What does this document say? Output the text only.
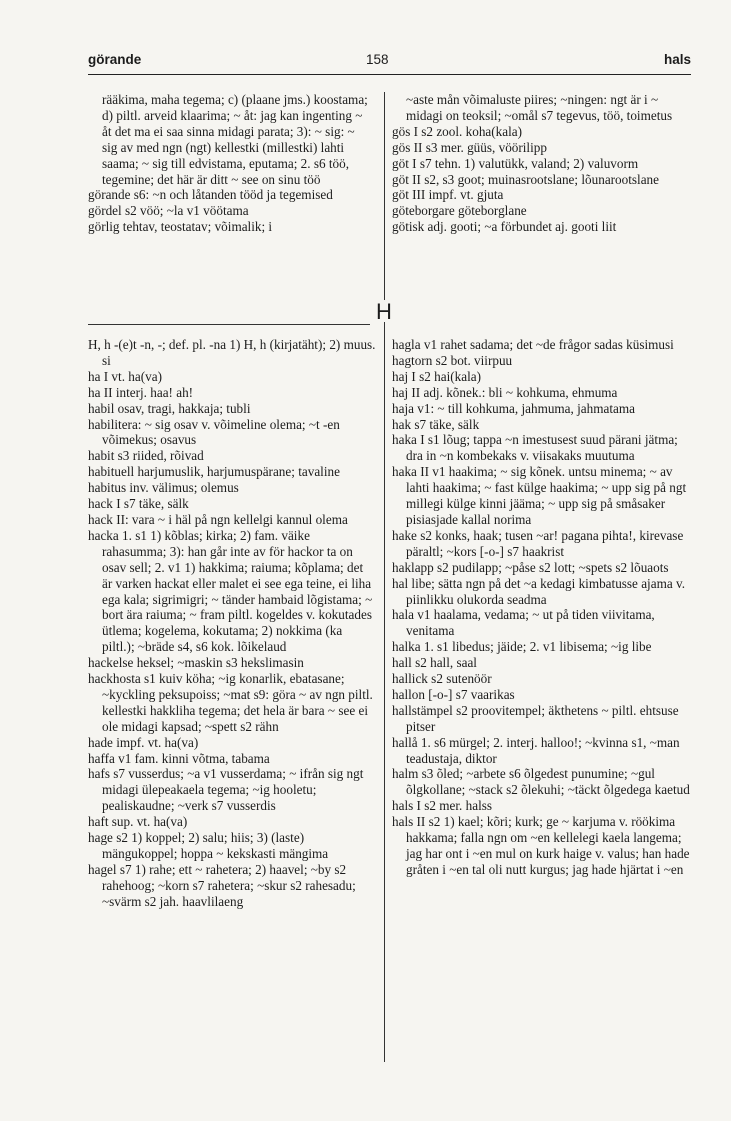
görande	158	hals

rääkima, maha tegema; c) (plaane jms.) koostama; d) piltl. arveid klaarima; ~ åt: jag kan ingenting ~ åt det ma ei saa sinna midagi parata; 3): ~ sig: ~ sig av med ngn (ngt) kellestki (millestki) lahti saama; ~ sig till edvistama, eputama; 2. s6 töö, tegemine; det här är ditt ~ see on sinu töö

görande s6: ~n och låtanden tööd ja tegemised

gördel s2 vöö; ~la v1 vöötama

görlig tehtav, teostatav; võimalik; i

~aste mån võimaluste piires; ~ningen: ngt är i ~ midagi on teoksil; ~omål s7 tegevus, töö, toimetus

gös I s2 zool. koha(kala)

gös II s3 mer. güüs, vöörilipp

göt I s7 tehn. 1) valutükk, valand; 2) valuvorm

göt II s2, s3 goot; muinasrootslane; lõunarootslane

göt III impf. vt. gjuta

göteborgare göteborglane

götisk adj. gooti; ~a förbundet aj. gooti liit

H

H, h -(e)t -n, -; def. pl. -na 1) H, h (kirjatäht); 2) muus. si

ha I vt. ha(va)

ha II interj. haa! ah!

habil osav, tragi, hakkaja; tubli

habilitera: ~ sig osav v. võimeline olema; ~t -en võimekus; osavus

habit s3 riided, rõivad

habituell harjumuslik, harjumuspärane; tavaline

habitus inv. välimus; olemus

hack I s7 täke, sälk

hack II: vara ~ i häl på ngn kellelgi kannul olema

hacka 1. s1 1) kõblas; kirka; 2) fam. väike rahasumma; 3): han går inte av för hackor ta on osav sell; 2. v1 1) hakkima; raiuma; kõplama; det är varken hackat eller malet ei see ega teine, ei liha ega kala; sigrimigri; ~ tänder hambaid lõgistama; ~ bort ära raiuma; ~ fram piltl. kogeldes v. kokutades ütlema; kogelema, kokutama; 2) nokkima (ka piltl.); ~bräde s4, s6 kok. lõikelaud

hackelse heksel; ~maskin s3 hekslimasin

hackhosta s1 kuiv köha; ~ig konarlik, ebatasane; ~kyckling peksupoiss; ~mat s9: göra ~ av ngn piltl. kellestki hakkliha tegema; det hela är bara ~ see ei ole midagi kapsad; ~spett s2 rähn

hade impf. vt. ha(va)

haffa v1 fam. kinni võtma, tabama

hafs s7 vusserdus; ~a v1 vusserdama; ~ ifrån sig ngt midagi ülepeakaela tegema; ~ig hooletu; pealiskaudne; ~verk s7 vusserdis

haft sup. vt. ha(va)

hage s2 1) koppel; 2) salu; hiis; 3) (laste) mängukoppel; hoppa ~ kekskasti mängima

hagel s7 1) rahe; ett ~ rahetera; 2) haavel; ~by s2 rahehoog; ~korn s7 rahetera; ~skur s2 rahesadu; ~svärm s2 jah. haavlilaeng

hagla v1 rahet sadama; det ~de frågor sadas küsimusi

hagtorn s2 bot. viirpuu

haj I s2 hai(kala)

haj II adj. kõnek.: bli ~ kohkuma, ehmuma

haja v1: ~ till kohkuma, jahmuma, jahmatama

hak s7 täke, sälk

haka I s1 lõug; tappa ~n imestusest suud pärani jätma; dra in ~n kombekaks v. viisakaks muutuma

haka II v1 haakima; ~ sig kõnek. untsu minema; ~ av lahti haakima; ~ fast külge haakima; ~ upp sig på ngt millegi külge kinni jääma; ~ upp sig på småsaker pisiasjade kallal norima

hake s2 konks, haak; tusen ~ar! pagana pihta!, kirevase päraltl; ~kors [-o-] s7 haakrist

haklapp s2 pudilapp; ~påse s2 lott; ~spets s2 lõuaots

hal libe; sätta ngn på det ~a kedagi kimbatusse ajama v. piinlikku olukorda seadma

hala v1 haalama, vedama; ~ ut på tiden viivitama, venitama

halka 1. s1 libedus; jäide; 2. v1 libisema; ~ig libe

hall s2 hall, saal

hallick s2 sutenöör

hallon [-o-] s7 vaarikas

hallstämpel s2 proovitempel; äkthetens ~ piltl. ehtsuse pitser

hallå 1. s6 mürgel; 2. interj. halloo!; ~kvinna s1, ~man teadustaja, diktor

halm s3 õled; ~arbete s6 õlgedest punumine; ~gul õlgkollane; ~stack s2 õlekuhi; ~täckt õlgedega kaetud

hals I s2 mer. halss

hals II s2 1) kael; kõri; kurk; ge ~ karjuma v. röökima hakkama; falla ngn om ~en kellelegi kaela langema; jag har ont i ~en mul on kurk haige v. valus; han hade gråten i ~en tal oli nutt kurgus; jag hade hjärtat i ~en
